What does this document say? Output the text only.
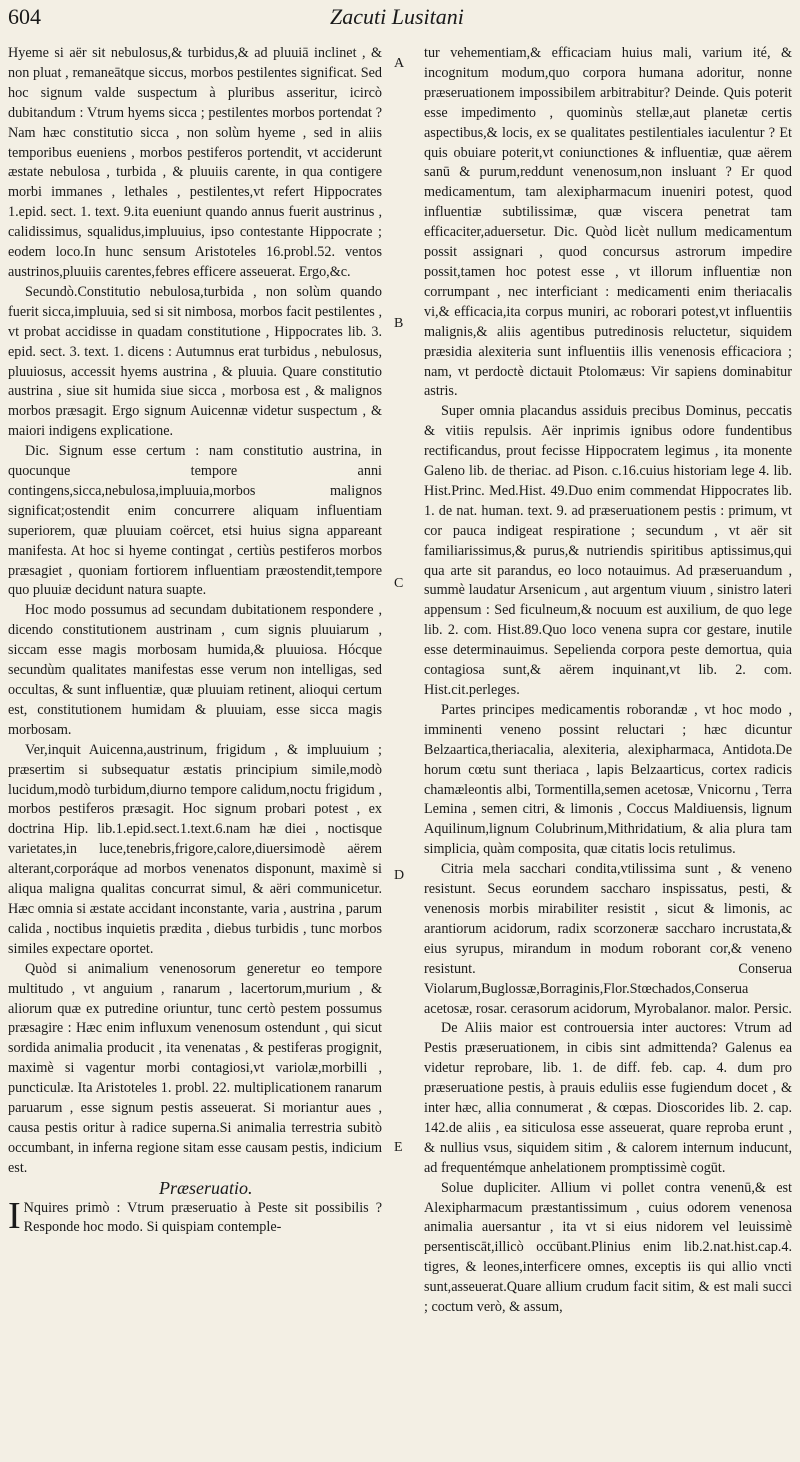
604	Zacuti Lusitani
A
B
C
D
E

Hyeme si aër sit nebulosus,& turbidus,& ad pluuiā inclinet , & non pluat , remaneātque siccus, morbos pestilentes significat. Sed hoc signum valde suspectum à pluribus asseritur, icircò dubitandum : Vtrum hyems sicca ; pestilentes morbos portendat ? Nam hæc constitutio sicca , non solùm hyeme , sed in aliis temporibus eueniens , morbos pestiferos portendit, vt acciderunt æstate nebulosa , turbida , & pluuiis carente, in qua contigere morbi immanes , lethales , pestilentes,vt refert Hippocrates 1.epid. sect. 1. text. 9.ita eueniunt quando annus fuerit austrinus , calidissimus, squalidus,impluuius, ipso contestante Hippocrate ; eodem loco.In hunc sensum Aristoteles 16.probl.52. ventos austrinos,pluuiis carentes,febres efficere asseuerat. Ergo,&c.

Secundò.Constitutio nebulosa,turbida , non solùm quando fuerit sicca,impluuia, sed si sit nimbosa, morbos facit pestilentes , vt probat accidisse in quadam constitutione , Hippocrates lib. 3. epid. sect. 3. text. 1. dicens : Autumnus erat turbidus , nebulosus, pluuiosus, accessit hyems austrina , & pluuia. Quare constitutio austrina , siue sit humida siue sicca , morbosa est , & malignos morbos præsagit. Ergo signum Auicennæ videtur suspectum , & maiori indigens explicatione.

Dic. Signum esse certum : nam constitutio austrina, in quocunque tempore anni contingens,sicca,nebulosa,impluuia,morbos malignos significat;ostendit enim concurrere aliquam influentiam superiorem, quæ pluuiam coërcet, etsi huius signa appareant manifesta. At hoc si hyeme contingat , certiùs pestiferos morbos præsagiet , quoniam fortiorem influentiam præostendit,tempore quo pluuiæ decidunt natura suapte.

Hoc modo possumus ad secundam dubitationem respondere , dicendo constitutionem austrinam , cum signis pluuiarum , siccam esse magis morbosam humida,& pluuiosa. Hócque secundùm qualitates manifestas esse verum non intelligas, sed occultas, & sunt influentiæ, quæ pluuiam retinent, alioqui certum est, constitutionem humidam & pluuiam, esse sicca magis morbosam.

Ver,inquit Auicenna,austrinum, frigidum , & impluuium ; præsertim si subsequatur æstatis principium simile,modò lucidum,modò turbidum,diurno tempore calidum,noctu frigidum , morbos pestiferos præsagit. Hoc signum probari potest , ex doctrina Hip. lib.1.epid.sect.1.text.6.nam hæ diei , noctisque varietates,in luce,tenebris,frigore,calore,diuersimodè aërem alterant,corporáque ad morbos venenatos disponunt, maximè si aliqua maligna qualitas concurrat simul, & aëri communicetur. Hæc omnia si æstate accidant inconstante, varia , austrina , parum calida , noctibus inquietis prædita , diebus turbidis , tunc morbos similes expectare oportet.

Quòd si animalium venenosorum generetur eo tempore multitudo , vt anguium , ranarum , lacertorum,murium , & aliorum quæ ex putredine oriuntur, tunc certò pestem possumus præsagire : Hæc enim influxum venenosum ostendunt , qui sicut sordida animalia producit , ita venenatas , & pestiferas progignit, maximè si vagentur morbi contagiosi,vt variolæ,morbilli , puncticulæ. Ita Aristoteles 1. probl. 22. multiplicationem ranarum paruarum , esse signum pestis asseuerat. Si moriantur aues , causa pestis oritur à radice superna.Si animalia terrestria subitò occumbant, in inferna regione sitam esse causam pestis, indicium est.

Præseruatio.

I Nquires primò : Vtrum præseruatio à Peste sit possibilis ? Responde hoc modo. Si quispiam contemple-

tur vehementiam,& efficaciam huius mali, varium ité, & incognitum modum,quo corpora humana adoritur, nonne præseruationem impossibilem arbitrabitur? Deinde. Quis poterit esse impedimento , quominùs stellæ,aut planetæ certis aspectibus,& locis, ex se qualitates pestilentiales iaculentur ? Et quis obuiare poterit,vt coniunctiones & influentiæ, quæ aërem sanū & purum,reddunt venenosum,non insluant ? Er quod medicamentum, tam alexipharmacum inueniri potest, quod influentiæ subtilissimæ, quæ viscera penetrat tam efficaciter,aduersetur. Dic. Quòd licèt nullum medicamentum possit assignari , quod concursus astrorum impedire possit,tamen hoc potest esse , vt illorum influentiæ non corrumpant , nec interficiant : medicamenti enim theriacalis vi,& efficacia,ita corpus muniri, ac roborari potest,vt influentiis malignis,& aliis agentibus putredinosis reluctetur, siquidem præsidia alexiteria sunt influentiis illis venenosis efficaciora ; nam, vt perdoctè dictauit Ptolomæus: Vir sapiens dominabitur astris.

Super omnia placandus assiduis precibus Dominus, peccatis & vitiis repulsis. Aër inprimis ignibus odore fundentibus rectificandus, prout fecisse Hippocratem legimus , ita monente Galeno lib. de theriac. ad Pison. c.16.cuius historiam lege 4. lib. Hist.Princ. Med.Hist. 49.Duo enim commendat Hippocrates lib. 1. de nat. human. text. 9. ad præseruationem pestis : primum, vt cor pauca indigeat respiratione ; secundum , vt aër sit familiarissimus,& purus,& nutriendis spiritibus aptissimus,qui qua arte sit parandus, eo loco notauimus. Ad præseruandum , summè laudatur Arsenicum , aut argentum viuum , sinistro lateri appensum : Sed ficulneum,& nocuum est auxilium, de quo lege lib. 2. com. Hist.89.Quo loco venena supra cor gestare, inutile esse determinauimus. Sepelienda corpora peste demortua, quia contagiosa sunt,& aërem inquinant,vt lib. 2. com. Hist.cit.perleges.

Partes principes medicamentis roborandæ , vt hoc modo , imminenti veneno possint reluctari ; hæc dicuntur Belzaartica,theriacalia, alexiteria, alexipharmaca, Antidota.De horum cœtu sunt theriaca , lapis Belzaarticus, cortex radicis chamæleontis albi, Tormentilla,semen acetosæ, Vnicornu , Terra Lemina , semen citri, & limonis , Coccus Maldiuensis, lignum Aquilinum,lignum Colubrinum,Mithridatium, & alia plura tam simplicia, quàm composita, quæ citatis locis retulimus.

Citria mela sacchari condita,vtilissima sunt , & veneno resistunt. Secus eorundem saccharo inspissatus, pesti, & venenosis morbis mirabiliter resistit , sicut & limonis, ac arantiorum acidorum, radix scorzoneræ saccharo incrustata,& eius syrupus, mirandum in modum roborant cor,& veneno resistunt. Conserua Violarum,Buglossæ,Borraginis,Flor.Stœchados,Conserua acetosæ, rosar. cerasorum acidorum, Myrobalanor. malor. Persic.

De Aliis maior est controuersia inter auctores: Vtrum ad Pestis præseruationem, in cibis sint admittenda? Galenus ea videtur reprobare, lib. 1. de diff. feb. cap. 4. dum pro præseruatione pestis, à prauis eduliis esse fugiendum docet , & inter hæc, allia connumerat , & cœpas. Dioscorides lib. 2. cap. 142.de aliis , ea siticulosa esse asseuerat, quare reproba erunt , & nullius vsus, siquidem sitim , & calorem internum inducunt, ad frequentémque anhelationem promptissimè cogūt.

Solue dupliciter. Allium vi pollet contra venenū,& est Alexipharmacum præstantissimum , cuius odorem venenosa animalia auersantur , ita vt si eius nidorem vel leuissimè persentiscāt,illicò occūbant.Plinius enim lib.2.nat.hist.cap.4. tigres, & leones,interficere omnes, exceptis iis qui allio vncti sunt,asseuerat.Quare allium crudum facit sitim, & est mali succi ; coctum verò, & assum,
